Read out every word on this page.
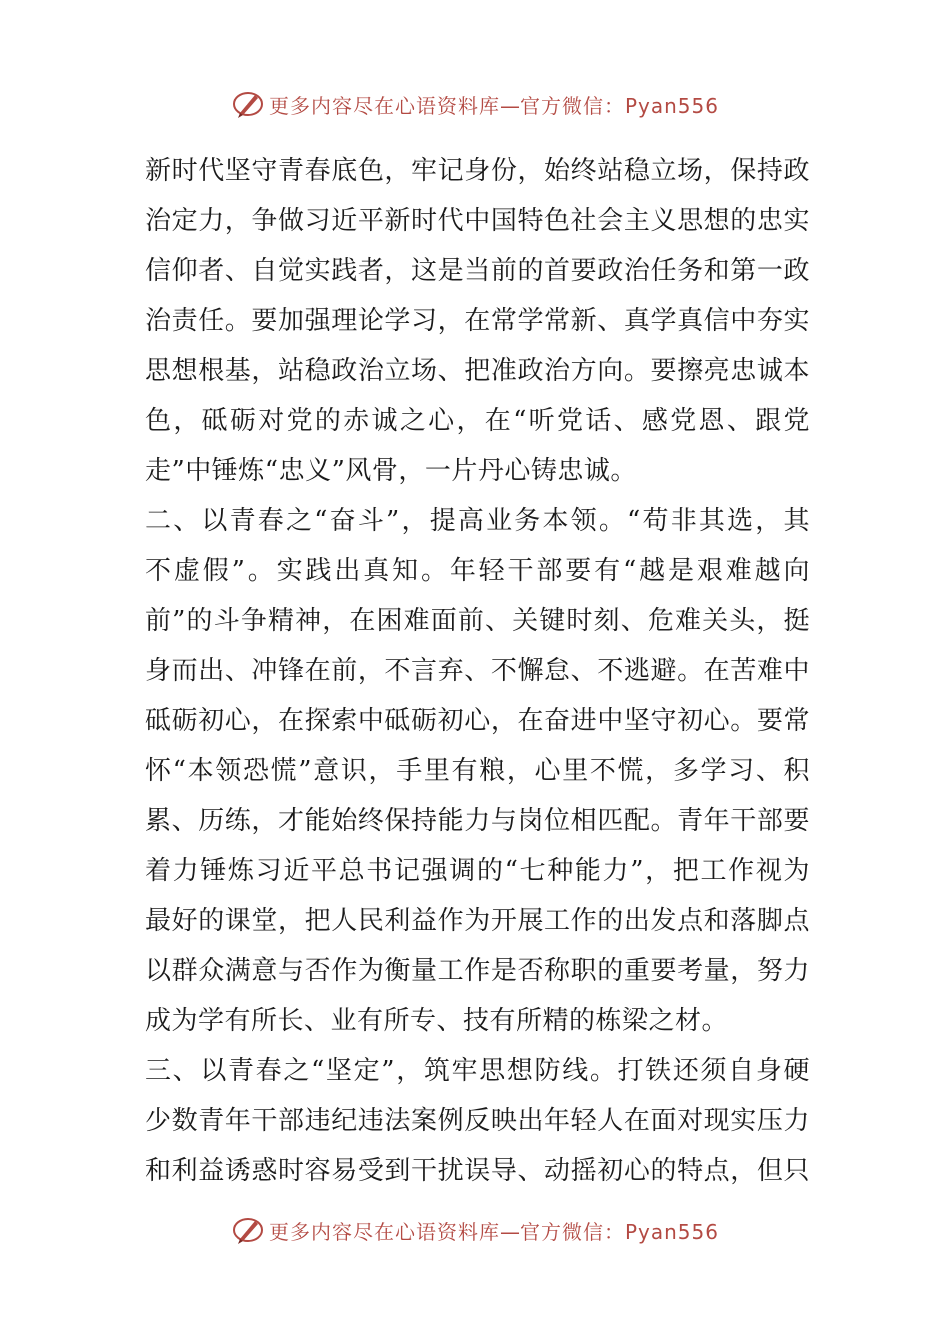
更多内容尽在心语资料库—官方微信：Pyan556
新时代坚守青春底色，牢记身份，始终站稳立场，保持政
治定力，争做习近平新时代中国特色社会主义思想的忠实
信仰者、自觉实践者，这是当前的首要政治任务和第一政
治责任。要加强理论学习，在常学常新、真学真信中夯实
思想根基，站稳政治立场、把准政治方向。要擦亮忠诚本
色，砥砺对党的赤诚之心，在“听党话、感党恩、跟党
走”中锤炼“忠义”风骨，一片丹心铸忠诚。
二、以青春之“奋斗”，提高业务本领。“苟非其选，其
不虚假”。实践出真知。年轻干部要有“越是艰难越向
前”的斗争精神，在困难面前、关键时刻、危难关头，挺
身而出、冲锋在前，不言弃、不懈怠、不逃避。在苦难中
砥砺初心，在探索中砥砺初心，在奋进中坚守初心。要常
怀“本领恐慌”意识，手里有粮，心里不慌，多学习、积
累、历练，才能始终保持能力与岗位相匹配。青年干部要
着力锤炼习近平总书记强调的“七种能力”，把工作视为
最好的课堂，把人民利益作为开展工作的出发点和落脚点
以群众满意与否作为衡量工作是否称职的重要考量，努力
成为学有所长、业有所专、技有所精的栋梁之材。
三、以青春之“坚定”，筑牢思想防线。打铁还须自身硬
少数青年干部违纪违法案例反映出年轻人在面对现实压力
和利益诱惑时容易受到干扰误导、动摇初心的特点，但只
更多内容尽在心语资料库—官方微信：Pyan556
